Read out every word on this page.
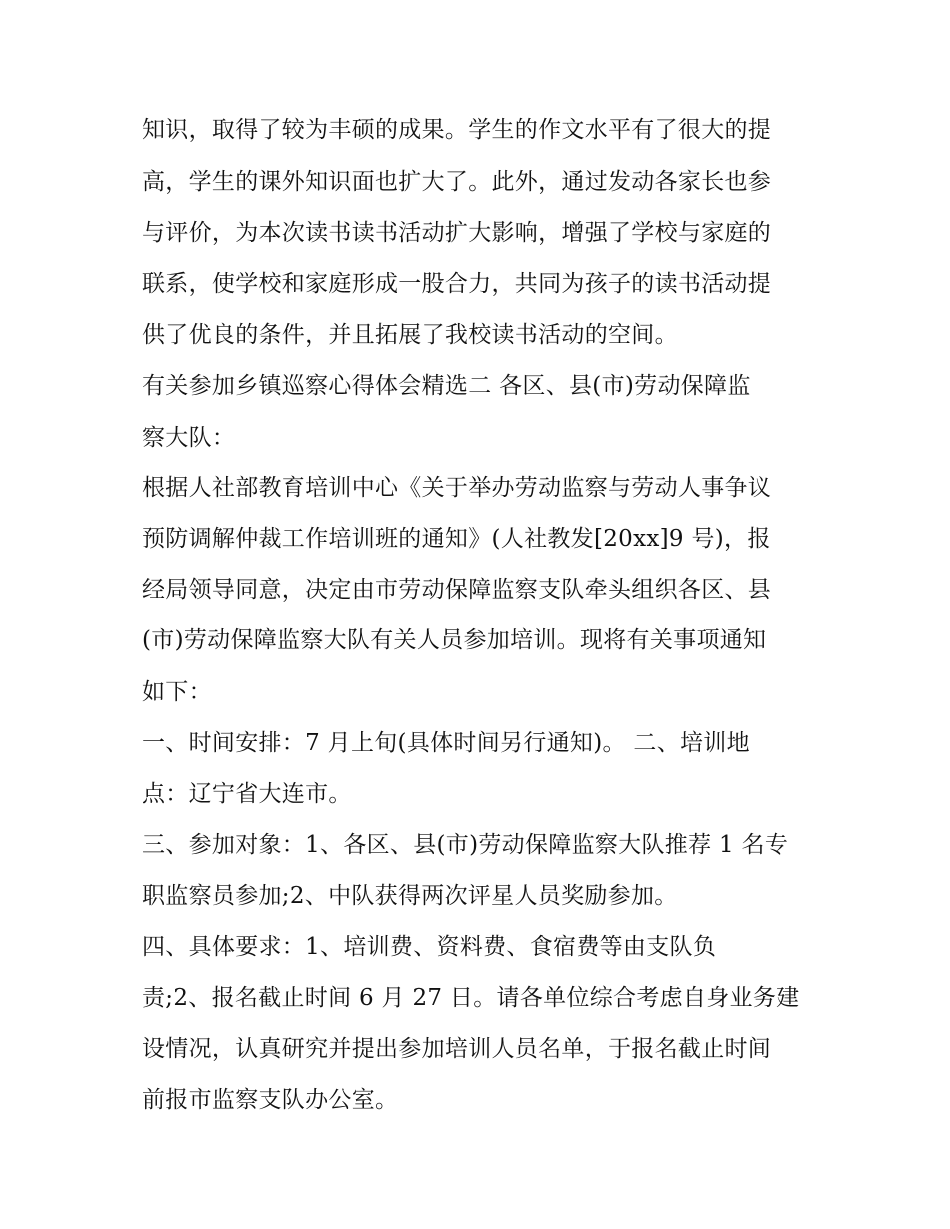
知识，取得了较为丰硕的成果。学生的作文水平有了很大的提
高，学生的课外知识面也扩大了。此外，通过发动各家长也参
与评价，为本次读书读书活动扩大影响，增强了学校与家庭的
联系，使学校和家庭形成一股合力，共同为孩子的读书活动提
供了优良的条件，并且拓展了我校读书活动的空间。
有关参加乡镇巡察心得体会精选二 各区、县(市)劳动保障监
察大队：
根据人社部教育培训中心《关于举办劳动监察与劳动人事争议
预防调解仲裁工作培训班的通知》(人社教发[20xx]9 号)，报
经局领导同意，决定由市劳动保障监察支队牵头组织各区、县
(市)劳动保障监察大队有关人员参加培训。现将有关事项通知
如下：
一、时间安排：7 月上旬(具体时间另行通知)。 二、培训地
点：辽宁省大连市。
三、参加对象：1、各区、县(市)劳动保障监察大队推荐 1 名专
职监察员参加;2、中队获得两次评星人员奖励参加。
四、具体要求：1、培训费、资料费、食宿费等由支队负
责;2、报名截止时间 6 月 27 日。请各单位综合考虑自身业务建
设情况，认真研究并提出参加培训人员名单，于报名截止时间
前报市监察支队办公室。
